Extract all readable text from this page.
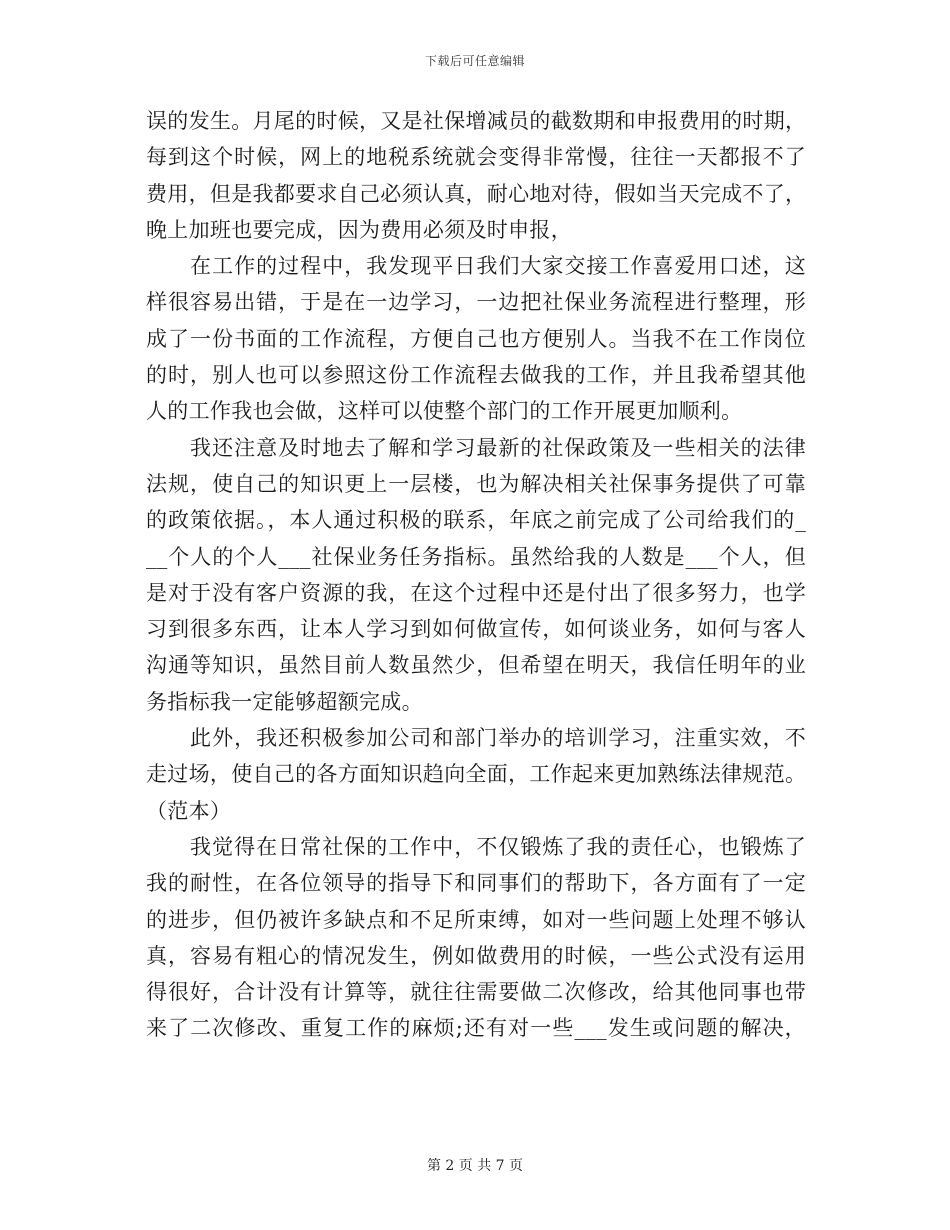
下载后可任意编辑
误的发生。月尾的时候，又是社保增减员的截数期和申报费用的时期，
每到这个时候，网上的地税系统就会变得非常慢，往往一天都报不了
费用，但是我都要求自己必须认真，耐心地对待，假如当天完成不了，
晚上加班也要完成，因为费用必须及时申报，
　　在工作的过程中，我发现平日我们大家交接工作喜爱用口述，这
样很容易出错，于是在一边学习，一边把社保业务流程进行整理，形
成了一份书面的工作流程，方便自己也方便别人。当我不在工作岗位
的时，别人也可以参照这份工作流程去做我的工作，并且我希望其他
人的工作我也会做，这样可以使整个部门的工作开展更加顺利。
　　我还注意及时地去了解和学习最新的社保政策及一些相关的法律
法规，使自己的知识更上一层楼，也为解决相关社保事务提供了可靠
的政策依据。，本人通过积极的联系，年底之前完成了公司给我们的_
__个人的个人___社保业务任务指标。虽然给我的人数是___个人，但
是对于没有客户资源的我，在这个过程中还是付出了很多努力，也学
习到很多东西，让本人学习到如何做宣传，如何谈业务，如何与客人
沟通等知识，虽然目前人数虽然少，但希望在明天，我信任明年的业
务指标我一定能够超额完成。
　　此外，我还积极参加公司和部门举办的培训学习，注重实效，不
走过场，使自己的各方面知识趋向全面，工作起来更加熟练法律规范。
（范本）
　　我觉得在日常社保的工作中，不仅锻炼了我的责任心，也锻炼了
我的耐性，在各位领导的指导下和同事们的帮助下，各方面有了一定
的进步，但仍被许多缺点和不足所束缚，如对一些问题上处理不够认
真，容易有粗心的情况发生，例如做费用的时候，一些公式没有运用
得很好，合计没有计算等，就往往需要做二次修改，给其他同事也带
来了二次修改、重复工作的麻烦;还有对一些___发生或问题的解决，
第 2 页 共 7 页
